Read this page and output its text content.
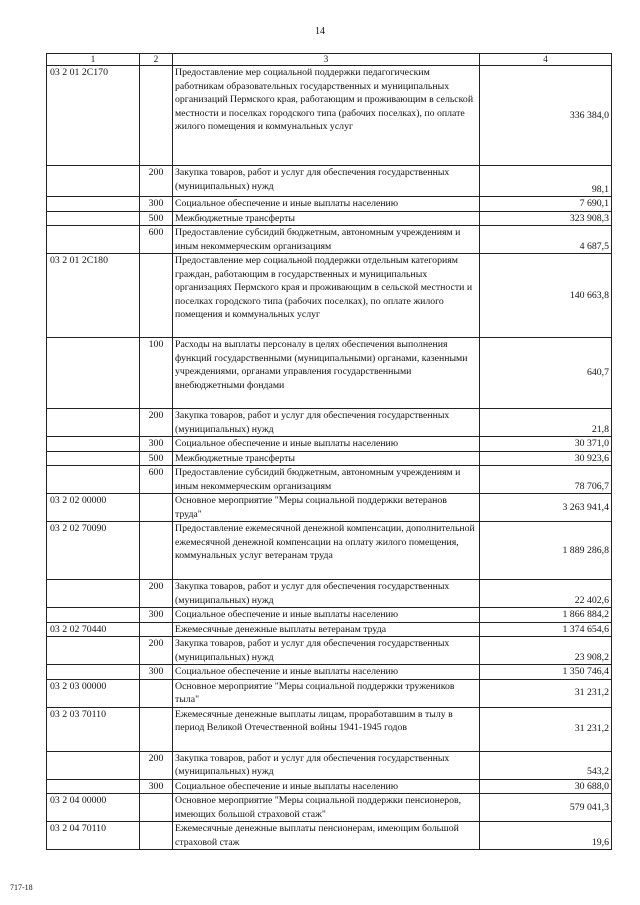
14
1	2	3	4
03 2 01 2С170		Предоставление мер социальной поддержки педагогическим работникам образовательных государственных и муниципальных организаций Пермского края, работающим и проживающим в сельской местности и поселках городского типа (рабочих поселках), по оплате жилого помещения и коммунальных услуг	336 384,0
	200	Закупка товаров, работ и услуг для обеспечения государственных (муниципальных) нужд	98,1
	300	Социальное обеспечение и иные выплаты населению	7 690,1
	500	Межбюджетные трансферты	323 908,3
	600	Предоставление субсидий бюджетным, автономным учреждениям и иным некоммерческим организациям	4 687,5
03 2 01 2С180		Предоставление мер социальной поддержки отдельным категориям граждан, работающим в государственных и муниципальных организациях Пермского края и проживающим в сельской местности и поселках городского типа (рабочих поселках), по оплате жилого помещения и коммунальных услуг	140 663,8
	100	Расходы на выплаты персоналу в целях обеспечения выполнения функций государственными (муниципальными) органами, казенными учреждениями, органами управления государственными внебюджетными фондами	640,7
	200	Закупка товаров, работ и услуг для обеспечения государственных (муниципальных) нужд	21,8
	300	Социальное обеспечение и иные выплаты населению	30 371,0
	500	Межбюджетные трансферты	30 923,6
	600	Предоставление субсидий бюджетным, автономным учреждениям и иным некоммерческим организациям	78 706,7
03 2 02 00000		Основное мероприятие "Меры социальной поддержки ветеранов труда"	3 263 941,4
03 2 02 70090		Предоставление ежемесячной денежной компенсации, дополнительной ежемесячной денежной компенсации на оплату жилого помещения, коммунальных услуг ветеранам труда	1 889 286,8
	200	Закупка товаров, работ и услуг для обеспечения государственных (муниципальных) нужд	22 402,6
	300	Социальное обеспечение и иные выплаты населению	1 866 884,2
03 2 02 70440		Ежемесячные денежные выплаты ветеранам труда	1 374 654,6
	200	Закупка товаров, работ и услуг для обеспечения государственных (муниципальных) нужд	23 908,2
	300	Социальное обеспечение и иные выплаты населению	1 350 746,4
03 2 03 00000		Основное мероприятие "Меры социальной поддержки тружеников тыла"	31 231,2
03 2 03 70110		Ежемесячные денежные выплаты лицам, проработавшим в тылу в период Великой Отечественной войны 1941-1945 годов	31 231,2
	200	Закупка товаров, работ и услуг для обеспечения государственных (муниципальных) нужд	543,2
	300	Социальное обеспечение и иные выплаты населению	30 688,0
03 2 04 00000		Основное мероприятие "Меры социальной поддержки пенсионеров, имеющих большой страховой стаж"	579 041,3
03 2 04 70110		Ежемесячные денежные выплаты пенсионерам, имеющим большой страховой стаж	19,6
717-18
